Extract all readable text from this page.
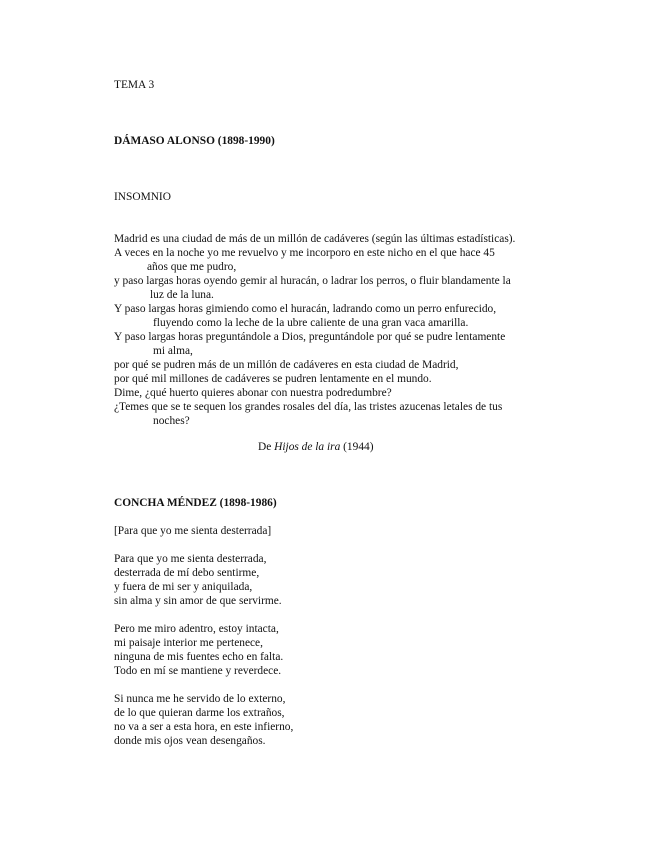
TEMA 3
DÁMASO ALONSO (1898-1990)
INSOMNIO
Madrid es una ciudad de más de un millón de cadáveres (según las últimas estadísticas).
A veces en la noche yo me revuelvo y me incorporo en este nicho en el que hace 45
años que me pudro,
y paso largas horas oyendo gemir al huracán, o ladrar los perros, o fluir blandamente la
luz de la luna.
Y paso largas horas gimiendo como el huracán, ladrando como un perro enfurecido,
fluyendo como la leche de la ubre caliente de una gran vaca amarilla.
Y paso largas horas preguntándole a Dios, preguntándole por qué se pudre lentamente
mi alma,
por qué se pudren más de un millón de cadáveres en esta ciudad de Madrid,
por qué mil millones de cadáveres se pudren lentamente en el mundo.
Dime, ¿qué huerto quieres abonar con nuestra podredumbre?
¿Temes que se te sequen los grandes rosales del día, las tristes azucenas letales de tus
noches?
De Hijos de la ira (1944)
CONCHA MÉNDEZ (1898-1986)
[Para que yo me sienta desterrada]
Para que yo me sienta desterrada,
desterrada de mí debo sentirme,
y fuera de mi ser y aniquilada,
sin alma y sin amor de que servirme.
Pero me miro adentro, estoy intacta,
mi paisaje interior me pertenece,
ninguna de mis fuentes echo en falta.
Todo en mí se mantiene y reverdece.
Si nunca me he servido de lo externo,
de lo que quieran darme los extraños,
no va a ser a esta hora, en este infierno,
donde mis ojos vean desengaños.
